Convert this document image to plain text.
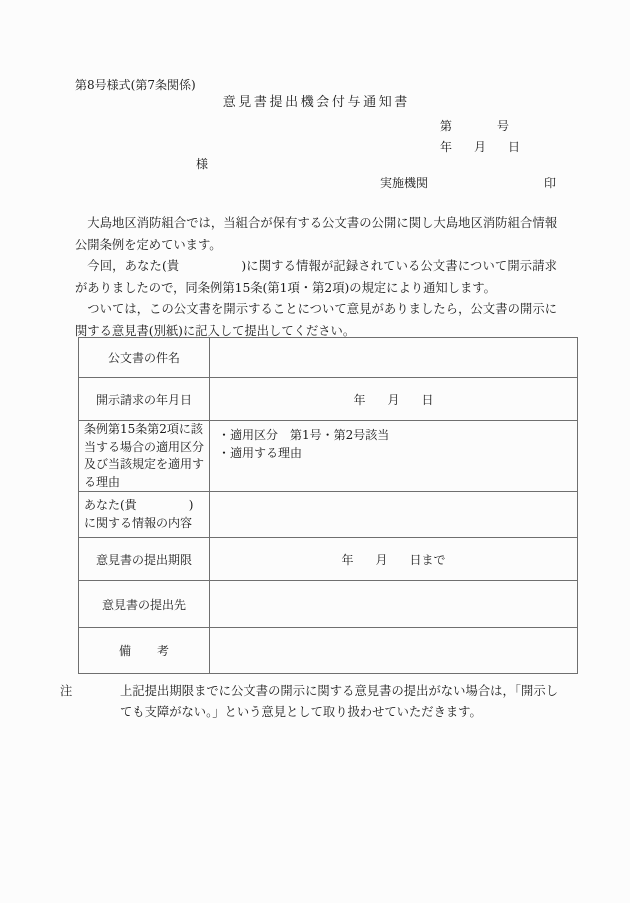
第8号様式(第7条関係)
意見書提出機会付与通知書
第	号
年 月 日
様
実施機関	印

大島地区消防組合では，当組合が保有する公文書の公開に関し大島地区消防組合情報公開条例を定めています。

今回，あなた(貴	)に関する情報が記録されている公文書について開示請求がありましたので，同条例第15条(第1項・第2項)の規定により通知します。

ついては，この公文書を開示することについて意見がありましたら，公文書の開示に関する意見書(別紙)に記入して提出してください。

公文書の件名	
開示請求の年月日	年 月 日
条例第15条第2項に該当する場合の適用区分及び当該規定を適用する理由	・適用区分　第1号・第2号該当
・適用する理由

あなた(貴 )
に関する情報の内容	

意見書の提出期限	年 月 日まで
意見書の提出先	
備 考	
注	上記提出期限までに公文書の開示に関する意見書の提出がない場合は，「開示しても支障がない。」という意見として取り扱わせていただきます。
